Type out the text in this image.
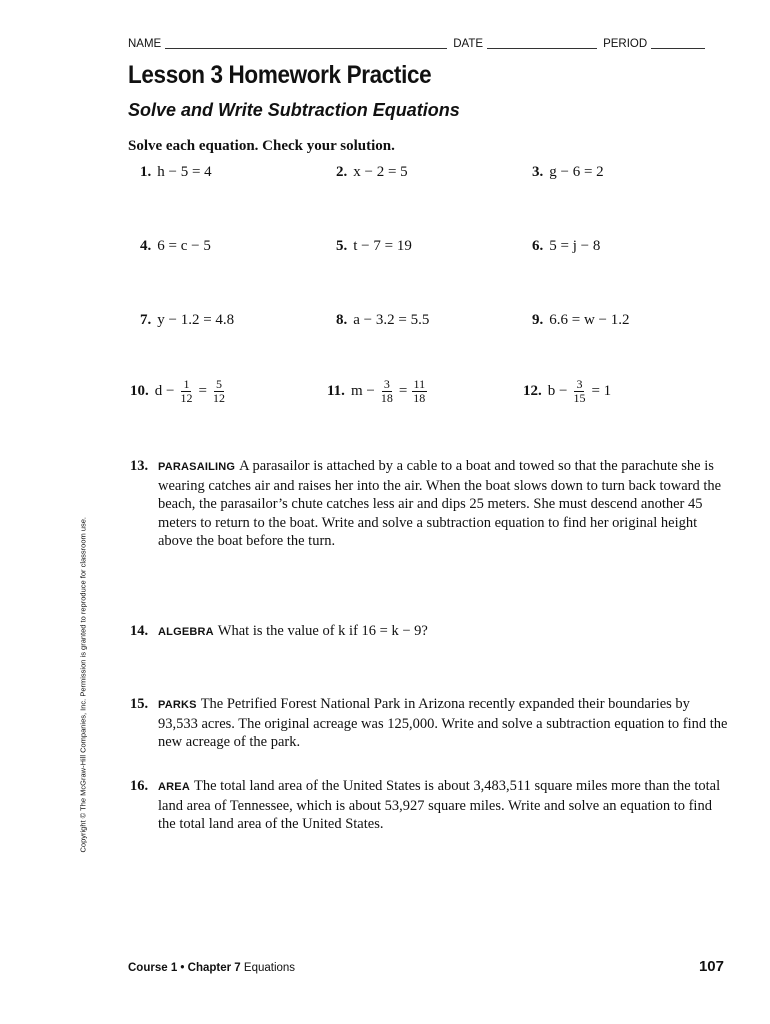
NAME	DATE	PERIOD
Lesson 3 Homework Practice
Solve and Write Subtraction Equations
Solve each equation. Check your solution.
1. h − 5 = 4	2. x − 2 = 5	3. g − 6 = 2
4. 6 = c − 5	5. t − 7 = 19	6. 5 = j − 8
7. y − 1.2 = 4.8	8. a − 3.2 = 5.5	9. 6.6 = w − 1.2
10. $d - \frac{1}{12} = \frac{5}{12}$	11. $m - \frac{3}{18} = \frac{11}{18}$	12. $b - \frac{3}{15} = 1$
13. PARASAILING A parasailor is attached by a cable to a boat and towed so that the parachute she is wearing catches air and raises her into the air. When the boat slows down to turn back toward the beach, the parasailor’s chute catches less air and dips 25 meters. She must descend another 45 meters to return to the boat. Write and solve a subtraction equation to find her original height above the boat before the turn.
14. ALGEBRA What is the value of k if 16 = k − 9?
15. PARKS The Petrified Forest National Park in Arizona recently expanded their boundaries by 93,533 acres. The original acreage was 125,000. Write and solve a subtraction equation to find the new acreage of the park.
16. AREA The total land area of the United States is about 3,483,511 square miles more than the total land area of Tennessee, which is about 53,927 square miles. Write and solve an equation to find the total land area of the United States.
Copyright © The McGraw-Hill Companies, Inc. Permission is granted to reproduce for classroom use.
Course 1 • Chapter 7 Equations	107
